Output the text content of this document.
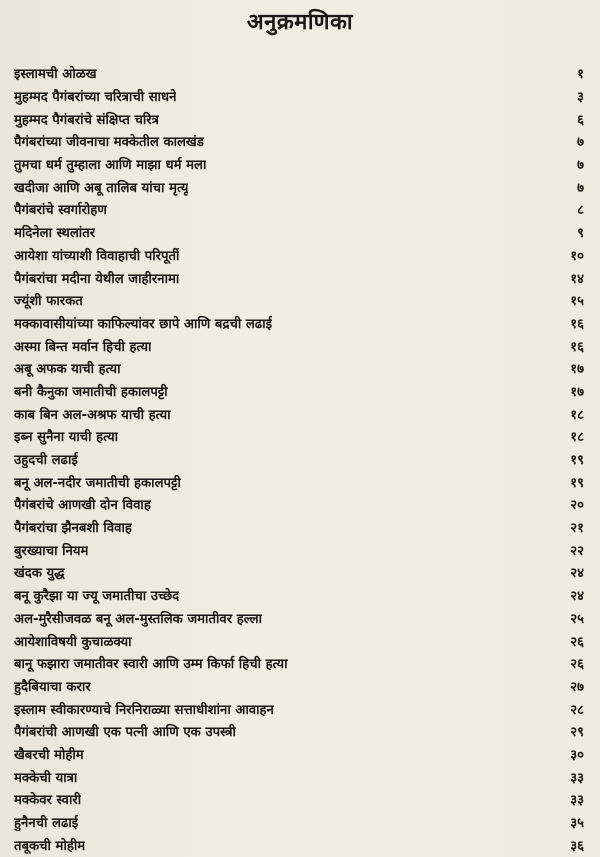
अनुक्रमणिका
इस्लामची ओळख	१
मुहम्मद पैगंबरांच्या चरित्राची साधने	३
मुहम्मद पैगंबरांचे संक्षिप्त चरित्र	६
पैगंबरांच्या जीवनाचा मक्केतील कालखंड	७
तुमचा धर्म तुम्हाला आणि माझा धर्म मला	७
खदीजा आणि अबू तालिब यांचा मृत्यू	७
पैगंबरांचे स्वर्गारोहण	८
मदिनेला स्थलांतर	९
आयेशा यांच्याशी विवाहाची परिपूर्ती	१०
पैगंबरांचा मदीना येथील जाहीरनामा	१४
ज्यूंशी फारकत	१५
मक्कावासीयांच्या काफिल्यांवर छापे आणि बद्रची लढाई	१६
अस्मा बिन्त मर्वान हिची हत्या	१६
अबू अफक याची हत्या	१७
बनी कैनुका जमातीची हकालपट्टी	१७
काब बिन अल-अश्रफ याची हत्या	१८
इब्न सुनैना याची हत्या	१८
उहुदची लढाई	१९
बनू अल-नदीर जमातीची हकालपट्टी	१९
पैगंबरांचे आणखी दोन विवाह	२०
पैगंबरांचा झैनबशी विवाह	२१
बुरख्याचा नियम	२२
खंदक युद्ध	२४
बनू कुरैझा या ज्यू जमातीचा उच्छेद	२४
अल-मुरैसीजवळ बनू अल-मुस्तलिक जमातीवर हल्ला	२५
आयेशाविषयी कुचाळक्या	२६
बानू फझारा जमातीवर स्वारी आणि उम्म किर्फा हिची हत्या	२६
हुदैबियाचा करार	२७
इस्लाम स्वीकारण्याचे निरनिराळ्या सत्ताधीशांना आवाहन	२८
पैगंबरांची आणखी एक पत्नी आणि एक उपस्त्री	२९
खैबरची मोहीम	३०
मक्केची यात्रा	३३
मक्केवर स्वारी	३३
हुनैनची लढाई	३५
तबूकची मोहीम	३६
